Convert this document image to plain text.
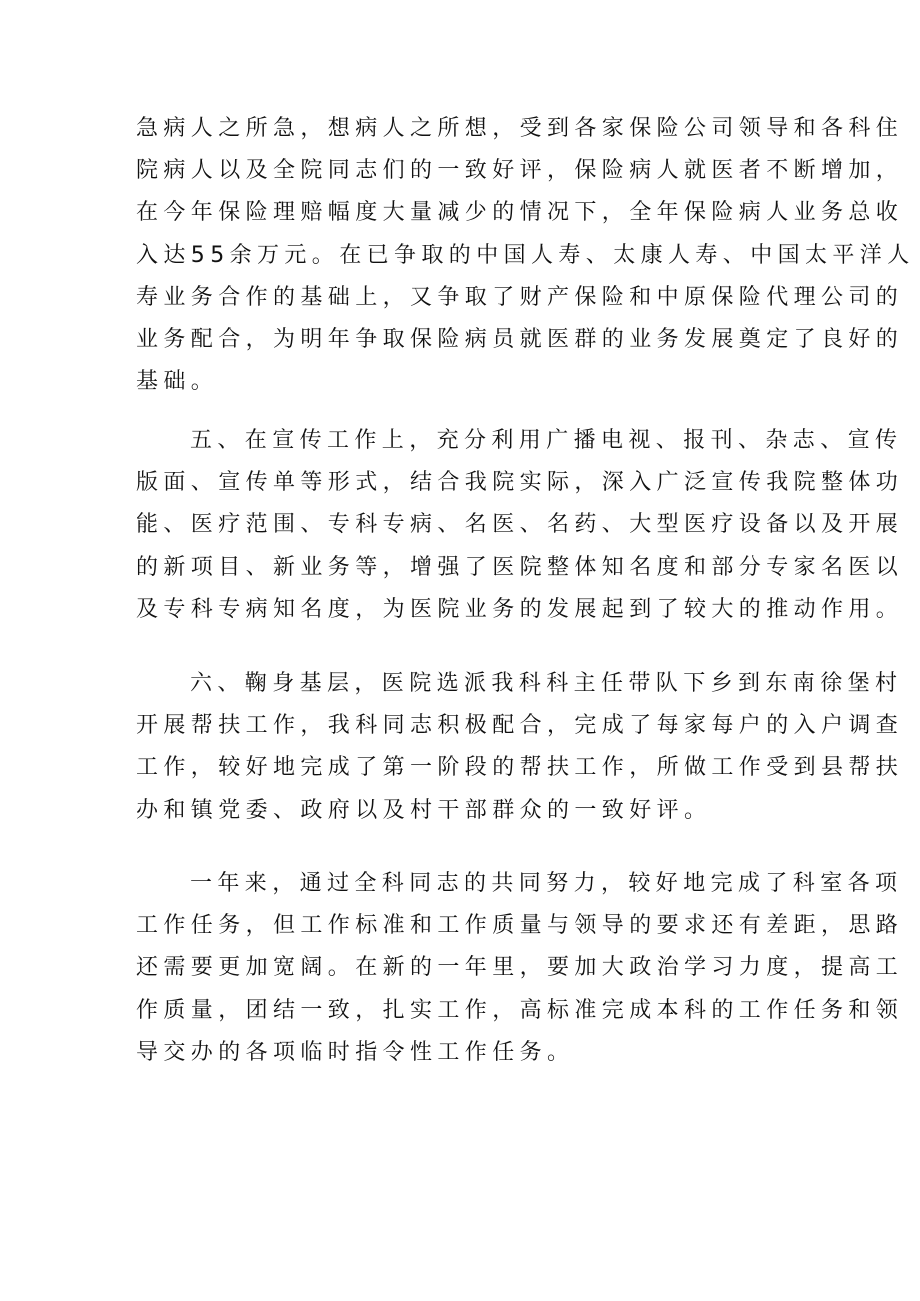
急病人之所急，想病人之所想，受到各家保险公司领导和各科住
院病人以及全院同志们的一致好评，保险病人就医者不断增加，
在今年保险理赔幅度大量减少的情况下，全年保险病人业务总收
入达55余万元。在已争取的中国人寿、太康人寿、中国太平洋人
寿业务合作的基础上，又争取了财产保险和中原保险代理公司的
业务配合，为明年争取保险病员就医群的业务发展奠定了良好的
基础。
五、在宣传工作上，充分利用广播电视、报刊、杂志、宣传
版面、宣传单等形式，结合我院实际，深入广泛宣传我院整体功
能、医疗范围、专科专病、名医、名药、大型医疗设备以及开展
的新项目、新业务等，增强了医院整体知名度和部分专家名医以
及专科专病知名度，为医院业务的发展起到了较大的推动作用。
六、鞠身基层，医院选派我科科主任带队下乡到东南徐堡村
开展帮扶工作，我科同志积极配合，完成了每家每户的入户调查
工作，较好地完成了第一阶段的帮扶工作，所做工作受到县帮扶
办和镇党委、政府以及村干部群众的一致好评。
一年来，通过全科同志的共同努力，较好地完成了科室各项
工作任务，但工作标准和工作质量与领导的要求还有差距，思路
还需要更加宽阔。在新的一年里，要加大政治学习力度，提高工
作质量，团结一致，扎实工作，高标准完成本科的工作任务和领
导交办的各项临时指令性工作任务。
